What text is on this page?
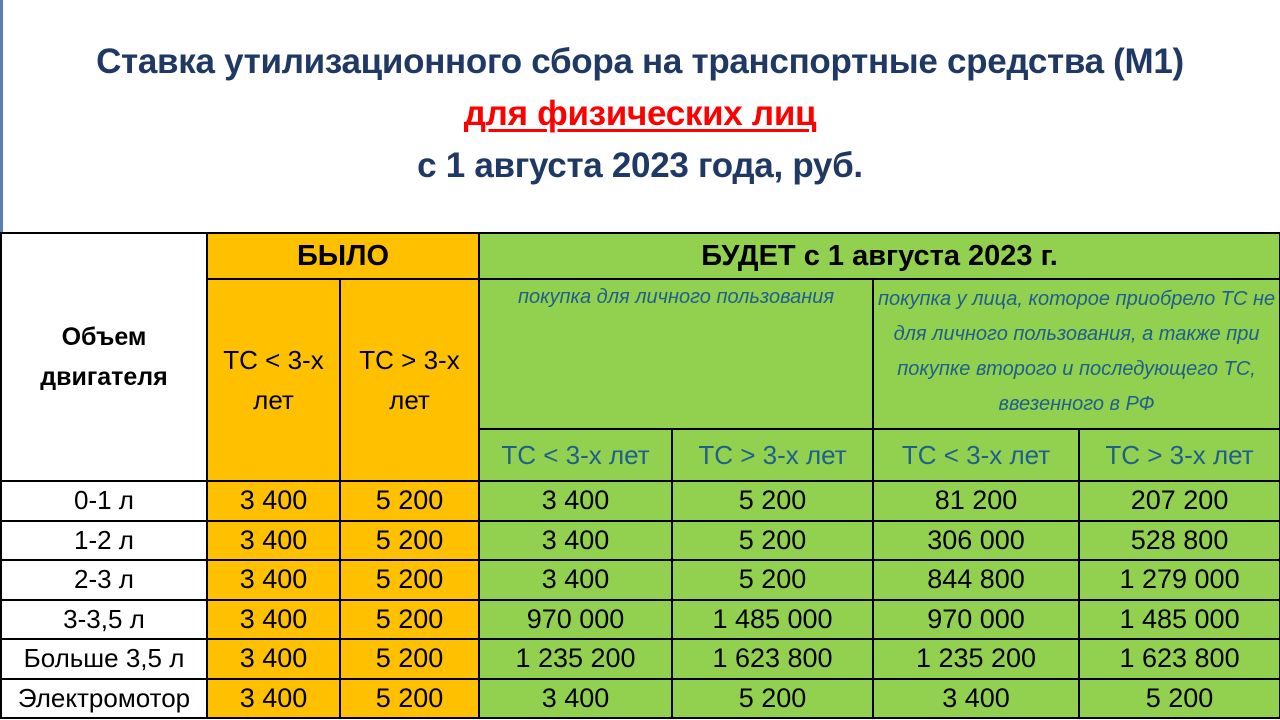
Ставка утилизационного сбора на транспортные средства (М1)
для физических лиц
с 1 августа 2023 года, руб.
Объем двигателя	БЫЛО		БУДЕТ с 1 августа 2023 г.			
	ТС < 3-х лет	ТС > 3-х лет	покупка для личного пользования		покупка у лица, которое приобрело ТС не для личного пользования, а также при покупке второго и последующего ТС, ввезенного в РФ	
			ТС < 3-х лет	ТС > 3-х лет	ТС < 3-х лет	ТС > 3-х лет
0-1 л	3 400	5 200	3 400	5 200	81 200	207 200
1-2 л	3 400	5 200	3 400	5 200	306 000	528 800
2-3 л	3 400	5 200	3 400	5 200	844 800	1 279 000
3-3,5 л	3 400	5 200	970 000	1 485 000	970 000	1 485 000
Больше 3,5 л	3 400	5 200	1 235 200	1 623 800	1 235 200	1 623 800
Электромотор	3 400	5 200	3 400	5 200	3 400	5 200
